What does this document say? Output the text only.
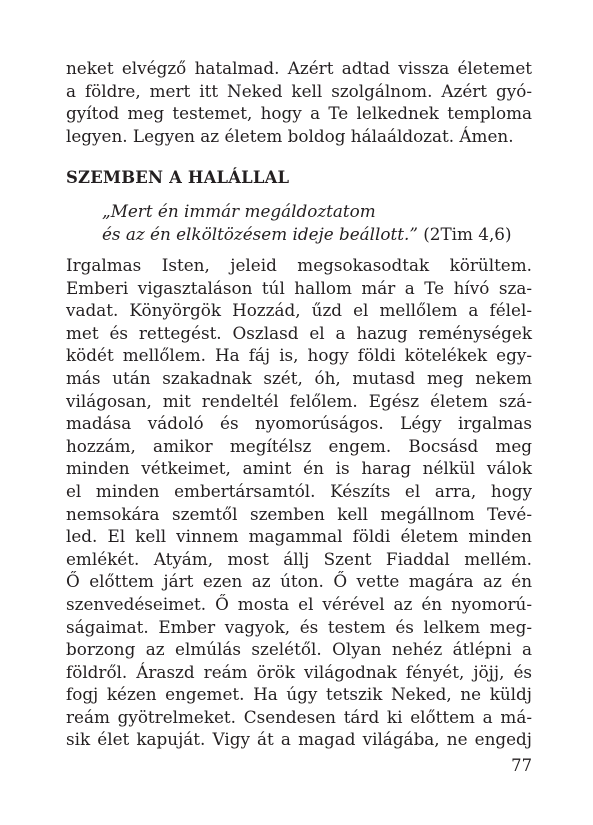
neket elvégző hatalmad. Azért adtad vissza életemet
a földre, mert itt Neked kell szolgálnom. Azért gyó-
gyítod meg testemet, hogy a Te lelkednek temploma
legyen. Legyen az életem boldog hálaáldozat. Ámen.
SZEMBEN A HALÁLLAL
„Mert én immár megáldoztatom
és az én elköltözésem ideje beállott.” (2Tim 4,6)
Irgalmas Isten, jeleid megsokasodtak körültem.
Emberi vigasztaláson túl hallom már a Te hívó sza-
vadat. Könyörgök Hozzád, űzd el mellőlem a félel-
met és rettegést. Oszlasd el a hazug reménységek
ködét mellőlem. Ha fáj is, hogy földi kötelékek egy-
más után szakadnak szét, óh, mutasd meg nekem
világosan, mit rendeltél felőlem. Egész életem szá-
madása vádoló és nyomorúságos. Légy irgalmas
hozzám, amikor megítélsz engem. Bocsásd meg
minden vétkeimet, amint én is harag nélkül válok
el minden embertársamtól. Készíts el arra, hogy
nemsokára szemtől szemben kell megállnom Tevé-
led. El kell vinnem magammal földi életem minden
emlékét. Atyám, most állj Szent Fiaddal mellém.
Ő előttem járt ezen az úton. Ő vette magára az én
szenvedéseimet. Ő mosta el vérével az én nyomorú-
ságaimat. Ember vagyok, és testem és lelkem meg-
borzong az elmúlás szelétől. Olyan nehéz átlépni a
földről. Áraszd reám örök világodnak fényét, jöjj, és
fogj kézen engemet. Ha úgy tetszik Neked, ne küldj
reám gyötrelmeket. Csendesen tárd ki előttem a má-
sik élet kapuját. Vigy át a magad világába, ne engedj
77
